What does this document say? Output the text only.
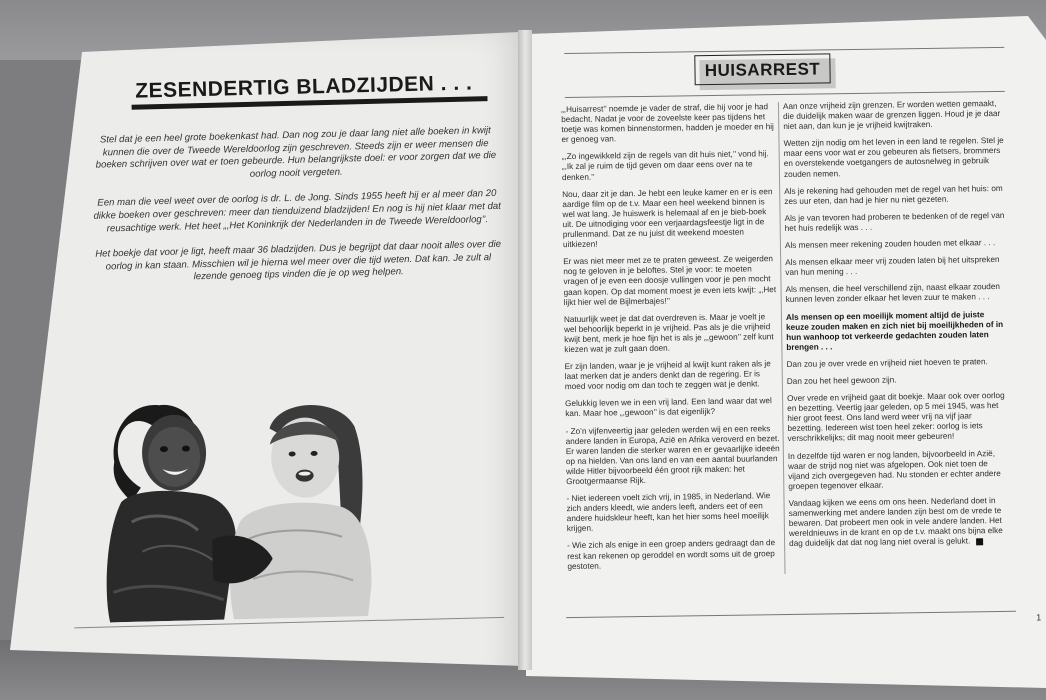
ZESENDERTIG BLADZIJDEN . . .

Stel dat je een heel grote boekenkast had. Dan nog zou je daar lang niet alle boeken in kwijt kunnen die over de Tweede Wereldoorlog zijn geschreven. Steeds zijn er weer mensen die boeken schrijven over wat er toen gebeurde. Hun belangrijkste doel: er voor zorgen dat we die oorlog nooit vergeten.

Een man die veel weet over de oorlog is dr. L. de Jong. Sinds 1955 heeft hij er al meer dan 20 dikke boeken over geschreven: meer dan tienduizend bladzijden! En nog is hij niet klaar met dat reusachtige werk. Het heet „,Het Koninkrijk der Nederlanden in de Tweede Wereldoorlog’’.

Het boekje dat voor je ligt, heeft maar 36 bladzijden. Dus je begrijpt dat daar nooit alles over die oorlog in kan staan. Misschien wil je hierna wel meer over die tijd weten. Dat kan. Je zult al lezende genoeg tips vinden die je op weg helpen.

HUISARREST

„,Huisarrest’’ noemde je vader de straf, die hij voor je had bedacht. Nadat je voor de zoveelste keer pas tijdens het toetje was komen binnenstormen, hadden je moeder en hij er genoeg van.

„,Zo ingewikkeld zijn de regels van dit huis niet,’’ vond hij. „,Ik zal je ruim de tijd geven om daar eens over na te denken.’’

Nou, daar zit je dan. Je hebt een leuke kamer en er is een aardige film op de t.v. Maar een heel weekend binnen is wel wat lang. Je huiswerk is helemaal af en je bieb-boek uit. De uitnodiging voor een verjaardagsfeestje ligt in de prullenmand. Dat ze nu juist dit weekend moesten uitkiezen!

Er was niet meer met ze te praten geweest. Ze weigerden nog te geloven in je beloftes. Stel je voor: te moeten vragen of je even een doosje vullingen voor je pen mocht gaan kopen. Op dat moment moest je even iets kwijt: „,Het lijkt hier wel de Bijlmerbajes!’’

Natuurlijk weet je dat dat overdreven is. Maar je voelt je wel behoorlijk beperkt in je vrijheid. Pas als je die vrijheid kwijt bent, merk je hoe fijn het is als je „,gewoon’’ zelf kunt kiezen wat je zult gaan doen.

Er zijn landen, waar je je vrijheid al kwijt kunt raken als je laat merken dat je anders denkt dan de regering. Er is moed voor nodig om dan toch te zeggen wat je denkt.

Gelukkig leven we in een vrij land. Een land waar dat wel kan. Maar hoe „,gewoon’’ is dat eigenlijk?

- Zo’n vijfenveertig jaar geleden werden wij en een reeks andere landen in Europa, Azië en Afrika veroverd en bezet. Er waren landen die sterker waren en er gevaarlijke ideeën op na hielden. Van ons land en van een aantal buurlanden wilde Hitler bijvoorbeeld één groot rijk maken: het Grootgermaanse Rijk.

- Niet iedereen voelt zich vrij, in 1985, in Nederland. Wie zich anders kleedt, wie anders leeft, anders eet of een andere huidskleur heeft, kan het hier soms heel moeilijk krijgen.

- Wie zich als enige in een groep anders gedraagt dan de rest kan rekenen op geroddel en wordt soms uit de groep gestoten.

Aan onze vrijheid zijn grenzen. Er worden wetten gemaakt, die duidelijk maken waar de grenzen liggen. Houd je je daar niet aan, dan kun je je vrijheid kwijtraken.

Wetten zijn nodig om het leven in een land te regelen. Stel je maar eens voor wat er zou gebeuren als fietsers, brommers en overstekende voetgangers de autosnelweg in gebruik zouden nemen.

Als je rekening had gehouden met de regel van het huis: om zes uur eten, dan had je hier nu niet gezeten.

Als je van tevoren had proberen te bedenken of de regel van het huis redelijk was . . .

Als mensen meer rekening zouden houden met elkaar . . .

Als mensen elkaar meer vrij zouden laten bij het uitspreken van hun mening . . .

Als mensen, die heel verschillend zijn, naast elkaar zouden kunnen leven zonder elkaar het leven zuur te maken . . .

Als mensen op een moeilijk moment altijd de juiste keuze zouden maken en zich niet bij moeilijkheden of in hun wanhoop tot verkeerde gedachten zouden laten brengen . . .

Dan zou je over vrede en vrijheid niet hoeven te praten.

Dan zou het heel gewoon zijn.

Over vrede en vrijheid gaat dit boekje. Maar ook over oorlog en bezetting. Veertig jaar geleden, op 5 mei 1945, was het hier groot feest. Ons land werd weer vrij na vijf jaar bezetting. Iedereen wist toen heel zeker: oorlog is iets verschrikkelijks; dit mag nooit meer gebeuren!

In dezelfde tijd waren er nog landen, bijvoorbeeld in Azië, waar de strijd nog niet was afgelopen. Ook niet toen de vijand zich overgegeven had. Nu stonden er echter andere groepen tegenover elkaar.

Vandaag kijken we eens om ons heen. Nederland doet in samenwerking met andere landen zijn best om de vrede te bewaren. Dat probeert men ook in vele andere landen. Het wereldnieuws in de krant en op de t.v. maakt ons bijna elke dag duidelijk dat dat nog lang niet overal is gelukt.

1
